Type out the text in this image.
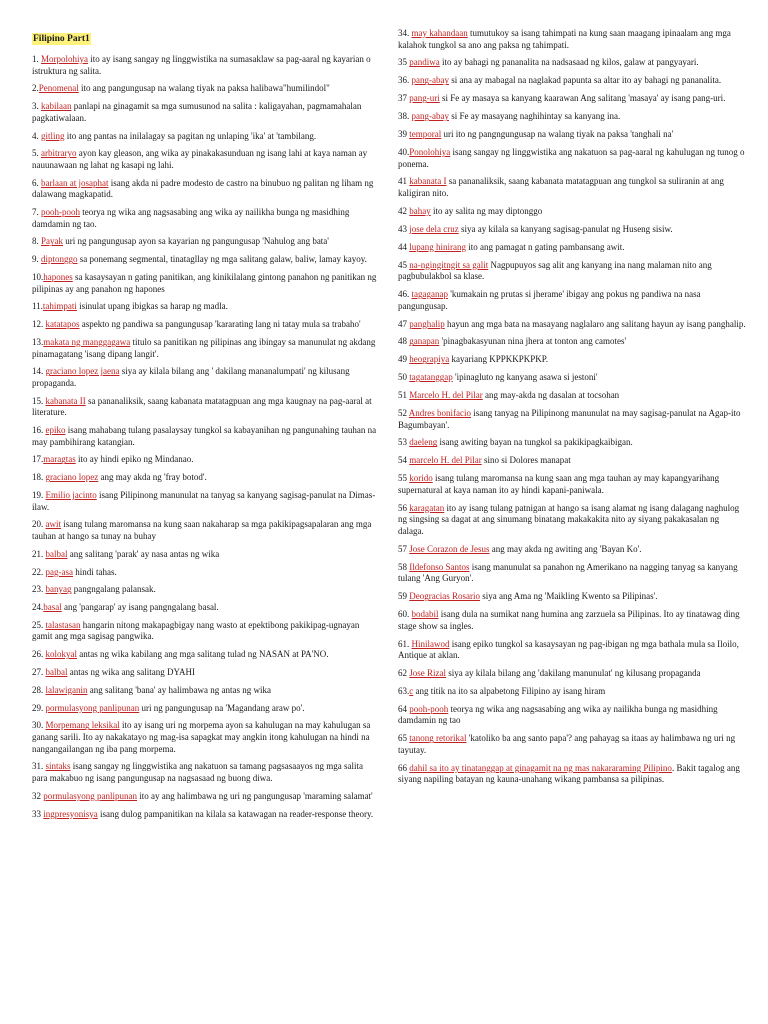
Filipino Part1

1. Morpolohiya ito ay isang sangay ng linggwistika na sumasaklaw sa pag-aaral ng kayarian o istruktura ng salita.

2.Penomenal ito ang pangungusap na walang tiyak na paksa halibawa"humilindol"

3. kabilaan panlapi na ginagamit sa mga sumusunod na salita : kaligayahan, pagmamahalan pagkatiwalaan.

4. gitling ito ang pantas na inilalagay sa pagitan ng unlaping 'ika' at 'tambilang.

5. arbitraryo ayon kay gleason, ang wika ay pinakakasunduan ng isang lahi at kaya naman ay nauunawaan ng lahat ng kasapi ng lahi.

6. barlaan at josaphat isang akda ni padre modesto de castro na binubuo ng palitan ng liham ng dalawang magkapatid.

7. pooh-pooh teorya ng wika ang nagsasabing ang wika ay nailikha bunga ng masidhing damdamin ng tao.

8. Payak uri ng pangungusap ayon sa kayarian ng pangungusap 'Nahulog ang bata'

9. diptonggo sa ponemang segmental, tinatagllay ng mga salitang galaw, baliw, lamay kayoy.

10.hapones sa kasaysayan n gating panitikan, ang kinikilalang gintong panahon ng panitikan ng pilipinas ay ang panahon ng hapones

11.tahimpati isinulat upang ibigkas sa harap ng madla.

12. katatapos aspekto ng pandiwa sa pangungusap 'kararating lang ni tatay mula sa trabaho'

13.makata ng manggagawa titulo sa panitikan ng pilipinas ang ibingay sa manunulat ng akdang pinamagatang 'isang dipang langit'.

14. graciano lopez jaena siya ay kilala bilang ang ' dakilang mananalumpati' ng kilusang propaganda.

15. kabanata II sa pananaliksik, saang kabanata matatagpuan ang mga kaugnay na pag-aaral at literature.

16. epiko isang mahabang tulang pasalaysay tungkol sa kabayanihan ng pangunahing tauhan na may pambihirang katangian.

17.maragtas ito ay hindi epiko ng Mindanao.

18. graciano lopez ang may akda ng 'fray botod'.

19. Emilio jacinto isang Pilipinong manunulat na tanyag sa kanyang sagisag-panulat na Dimas-ilaw.

20. awit isang tulang maromansa na kung saan nakaharap sa mga pakikipagsapalaran ang mga tauhan at hango sa tunay na buhay

21. balbal ang salitang 'parak' ay nasa antas ng wika

22. pag-asa hindi tahas.

23. banyag pangngalang palansak.

24.basal ang 'pangarap' ay isang pangngalang basal.

25. talastasan hangarin nitong makapagbigay nang wasto at epektibong pakikipag-ugnayan gamit ang mga sagisag pangwika.

26. kolokyal antas ng wika kabilang ang mga salitang tulad ng NASAN at PA'NO.

27. balbal antas ng wika ang salitang DYAHI

28. lalawiganin ang salitang 'bana' ay halimbawa ng antas ng wika

29. pormulasyong panlipunan uri ng pangungusap na 'Magandang araw po'.

30. Morpemang leksikal ito ay isang uri ng morpema ayon sa kahulugan na may kahulugan sa ganang sarili. Ito ay nakakatayo ng mag-isa sapagkat may angkin itong kahulugan na hindi na nangangailangan ng iba pang morpema.

31. sintaks isang sangay ng linggwistika ang nakatuon sa tamang pagsasaayos ng mga salita para makabuo ng isang pangungusap na nagsasaad ng buong diwa.

32 pormulasyong panlipunan ito ay ang halimbawa ng uri ng pangungusap 'maraming salamat'

33 ingpresyonisya isang dulog pampanitikan na kilala sa katawagan na reader-response theory.

34. may kahandaan tumutukoy sa isang tahimpati na kung saan maagang ipinaalam ang mga kalahok tungkol sa ano ang paksa ng tahimpati.

35 pandiwa ito ay bahagi ng pananalita na nadsasaad ng kilos, galaw at pangyayari.

36. pang-abay si ana ay mabagal na naglakad papunta sa altar ito ay bahagi ng pananalita.

37 pang-uri si Fe ay masaya sa kanyang kaarawan Ang salitang 'masaya' ay isang pang-uri.

38. pang-abay si Fe ay masayang naghihintay sa kanyang ina.

39 temporal uri ito ng pangngungusap na walang tiyak na paksa 'tanghali na'

40.Ponolohiya isang sangay ng linggwistika ang nakatuon sa pag-aaral ng kahulugan ng tunog o ponema.

41 kabanata I sa pananaliksik, saang kabanata matatagpuan ang tungkol sa suliranin at ang kaligiran nito.

42 bahay ito ay salita ng may diptonggo

43 jose dela cruz siya ay kilala sa kanyang sagisag-panulat ng Huseng sisiw.

44 lupang hinirang ito ang pamagat n gating pambansang awit.

45 na-ngingitngit sa galit Nagpupuyos sag alit ang kanyang ina nang malaman nito ang pagbubulakbol sa klase.

46. tagaganap 'kumakain ng prutas si jherame' ibigay ang pokus ng pandiwa na nasa pangungusap.

47 panghalip hayun ang mga bata na masayang naglalaro ang salitang hayun ay isang panghalip.

48 ganapan 'pinagbakasyunan nina jhera at tonton ang camotes'

49 heograpiya kayariang KPPKKPKPKP.

50 tagatanggap 'ipinagluto ng kanyang asawa si jestoni'

51 Marcelo H. del Pilar ang may-akda ng dasalan at tocsohan

52 Andres bonifacio isang tanyag na Pilipinong manunulat na may sagisag-panulat na Agap-ito Bagumbayan'.

53 daeleng isang awiting bayan na tungkol sa pakikipagkaibigan.

54 marcelo H. del Pilar sino si Dolores manapat

55 korido isang tulang maromansa na kung saan ang mga tauhan ay may kapangyarihang supernatural at kaya naman ito ay hindi kapani-paniwala.

56 karagatan ito ay isang tulang patnigan at hango sa isang alamat ng isang dalagang naghulog ng singsing sa dagat at ang sinumang binatang makakakita nito ay siyang pakakasalan ng dalaga.

57 Jose Corazon de Jesus ang may akda ng awiting ang 'Bayan Ko'.

58 Ildefonso Santos isang manunulat sa panahon ng Amerikano na nagging tanyag sa kanyang tulang 'Ang Guryon'.

59 Deogracias Rosario siya ang Ama ng 'Maikling Kwento sa Pilipinas'.

60. bodabil isang dula na sumikat nang humina ang zarzuela sa Pilipinas. Ito ay tinatawag ding stage show sa ingles.

61. Hinilawod isang epiko tungkol sa kasaysayan ng pag-ibigan ng mga bathala mula sa Iloilo, Antique at aklan.

62 Jose Rizal siya ay kilala bilang ang 'dakilang manunulat' ng kilusang propaganda

63.c ang titik na ito sa alpabetong Filipino ay isang hiram

64 pooh-pooh teorya ng wika ang nagsasabing ang wika ay nailikha bunga ng masidhing damdamin ng tao

65 tanong retorikal 'katoliko ba ang santo papa'? ang pahayag sa itaas ay halimbawa ng uri ng tayutay.

66 dahil sa ito ay tinatanggap at ginagamit na ng mas nakararaming Pilipino. Bakit tagalog ang siyang napiling batayan ng kauna-unahang wikang pambansa sa pilipinas.
